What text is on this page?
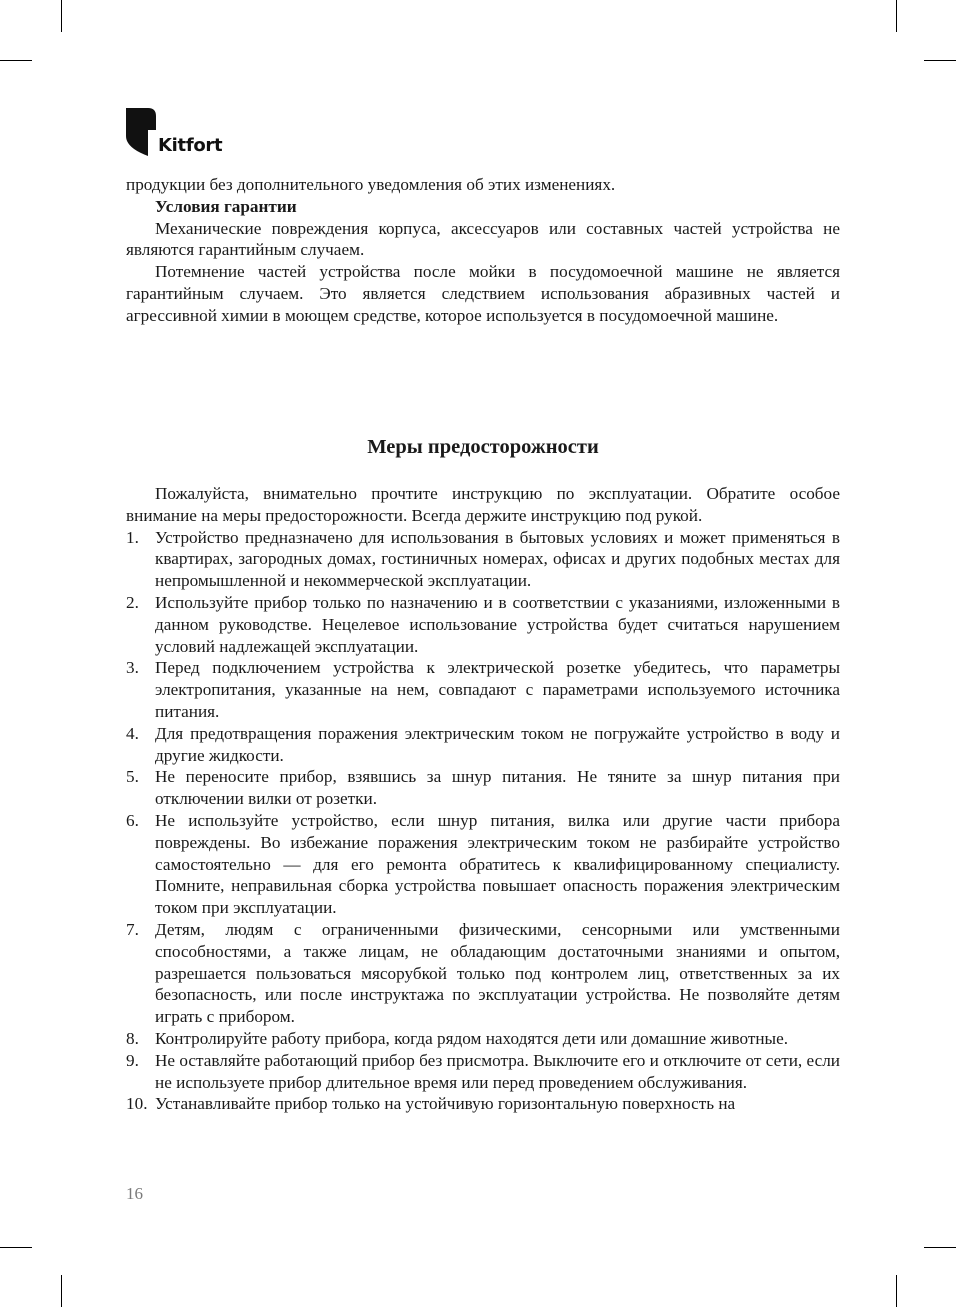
Kitfort

продукции без дополнительного уведомления об этих изменениях.

Условия гарантии

Механические повреждения корпуса, аксессуаров или составных частей устройства не являются гарантийным случаем.

Потемнение частей устройства после мойки в посудомоечной машине не является гарантийным случаем. Это является следствием использования абразивных частей и агрессивной химии в моющем средстве, которое используется в посудомоечной машине.

Меры предосторожности

Пожалуйста, внимательно прочтите инструкцию по эксплуатации. Обратите особое внимание на меры предосторожности. Всегда держите инструкцию под рукой.

1. Устройство предназначено для использования в бытовых условиях и может применяться в квартирах, загородных домах, гостиничных номерах, офисах и других подобных местах для непромышленной и некоммерческой эксплуатации.
2. Используйте прибор только по назначению и в соответствии с указаниями, изложенными в данном руководстве. Нецелевое использование устройства будет считаться нарушением условий надлежащей эксплуатации.
3. Перед подключением устройства к электрической розетке убедитесь, что параметры электропитания, указанные на нем, совпадают с параметрами используемого источника питания.
4. Для предотвращения поражения электрическим током не погружайте устройство в воду и другие жидкости.
5. Не переносите прибор, взявшись за шнур питания. Не тяните за шнур питания при отключении вилки от розетки.
6. Не используйте устройство, если шнур питания, вилка или другие части прибора повреждены. Во избежание поражения электрическим током не разбирайте устройство самостоятельно — для его ремонта обратитесь к квалифицированному специалисту. Помните, неправильная сборка устройства повышает опасность поражения электрическим током при эксплуатации.
7. Детям, людям с ограниченными физическими, сенсорными или умственными способностями, а также лицам, не обладающим достаточными знаниями и опытом, разрешается пользоваться мясорубкой только под контролем лиц, ответственных за их безопасность, или после инструктажа по эксплуатации устройства. Не позволяйте детям играть с прибором.
8. Контролируйте работу прибора, когда рядом находятся дети или домашние животные.
9. Не оставляйте работающий прибор без присмотра. Выключите его и отключите от сети, если не используете прибор длительное время или перед проведением обслуживания.
10. Устанавливайте прибор только на устойчивую горизонтальную поверхность на
16
